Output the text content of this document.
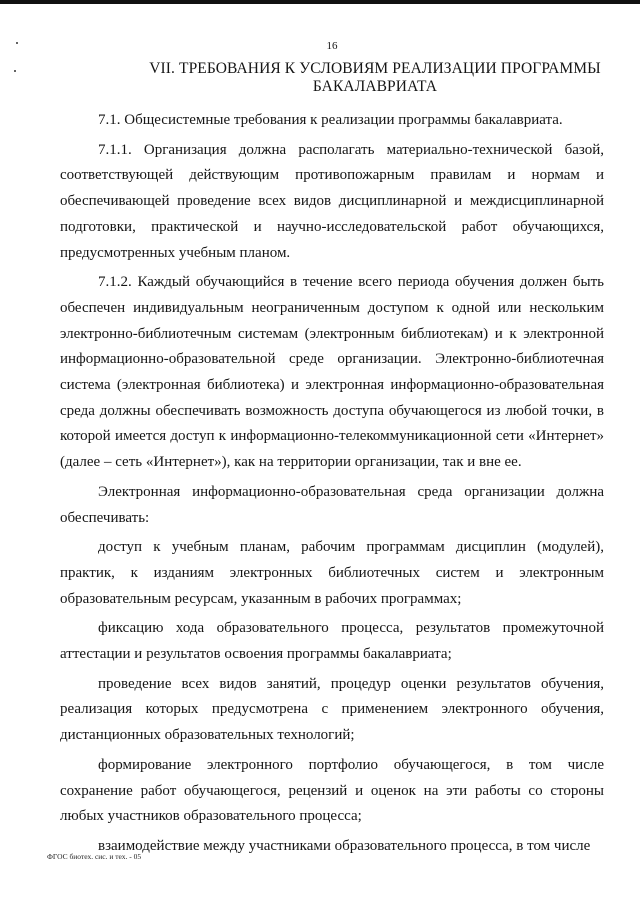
16
VII. ТРЕБОВАНИЯ К УСЛОВИЯМ РЕАЛИЗАЦИИ ПРОГРАММЫ
БАКАЛАВРИАТА

7.1. Общесистемные требования к реализации программы бакалавриата.

7.1.1. Организация должна располагать материально-технической базой, соответствующей действующим противопожарным правилам и нормам и обеспечивающей проведение всех видов дисциплинарной и междисциплинарной подготовки, практической и научно-исследовательской работ обучающихся, предусмотренных учебным планом.

7.1.2. Каждый обучающийся в течение всего периода обучения должен быть обеспечен индивидуальным неограниченным доступом к одной или нескольким электронно-библиотечным системам (электронным библиотекам) и к электронной информационно-образовательной среде организации. Электронно-библиотечная система (электронная библиотека) и электронная информационно-образовательная среда должны обеспечивать возможность доступа обучающегося из любой точки, в которой имеется доступ к информационно-телекоммуникационной сети «Интернет» (далее – сеть «Интернет»), как на территории организации, так и вне ее.

Электронная информационно-образовательная среда организации должна обеспечивать:

доступ к учебным планам, рабочим программам дисциплин (модулей), практик, к изданиям электронных библиотечных систем и электронным образовательным ресурсам, указанным в рабочих программах;

фиксацию хода образовательного процесса, результатов промежуточной аттестации и результатов освоения программы бакалавриата;

проведение всех видов занятий, процедур оценки результатов обучения, реализация которых предусмотрена с применением электронного обучения, дистанционных образовательных технологий;

формирование электронного портфолио обучающегося, в том числе сохранение работ обучающегося, рецензий и оценок на эти работы со стороны любых участников образовательного процесса;

взаимодействие между участниками образовательного процесса, в том числе

ФГОС биотех. сис. и тех. - 05
